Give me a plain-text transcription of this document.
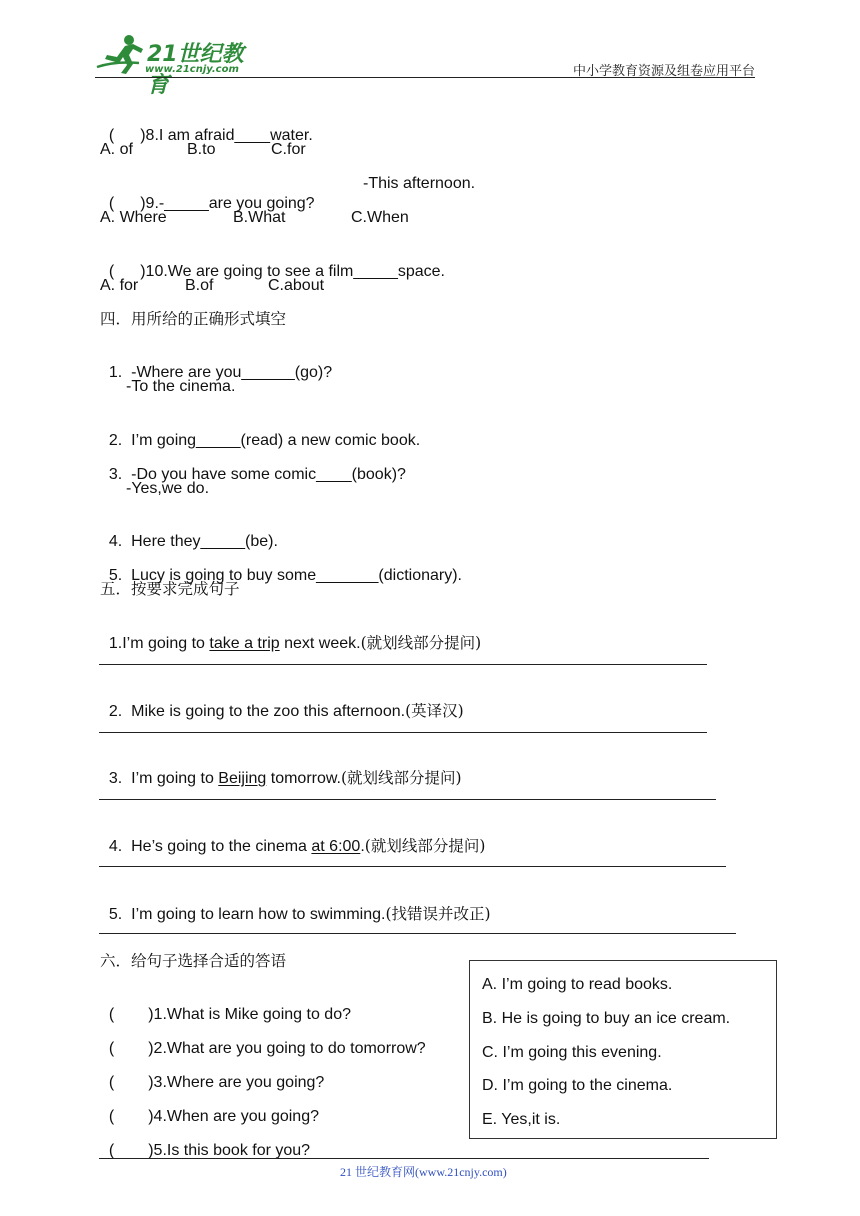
21世纪教育
www.21cnjy.com	中小学教育资源及组卷应用平台

( )8.I am afraid____water.

A. of	B.to	C.for

( )9.-_____are you going?

-This afternoon.
A. Where	B.What	C.When

( )10.We are going to see a film_____space.

A. for	B.of	C.about
四．用所给的正确形式填空

1. -Where are you______(go)?

-To the cinema.

2. I’m going_____(read) a new comic book.

3. -Do you have some comic____(book)?

-Yes,we do.

4. Here they_____(be).

5. Lucy is going to buy some_______(dictionary).

五．按要求完成句子

1.I’m going to take a trip next week.(就划线部分提问)

2.  Mike is going to the zoo this afternoon.(英译汉)

3.  I’m going to Beijing tomorrow.(就划线部分提问)

4.  He’s going to the cinema at 6:00.(就划线部分提问)

5.  I’m going to learn how to swimming.(找错误并改正)

六．给句子选择合适的答语

( )1.What is Mike going to do?

( )2.What are you going to do tomorrow?

( )3.Where are you going?

( )4.When are you going?

( )5.Is this book for you?

A. I’m going to read books.
B. He is going to buy an ice cream.
C. I’m going this evening.
D. I’m going to the cinema.
E. Yes,it is.
21 世纪教育网(www.21cnjy.com)
